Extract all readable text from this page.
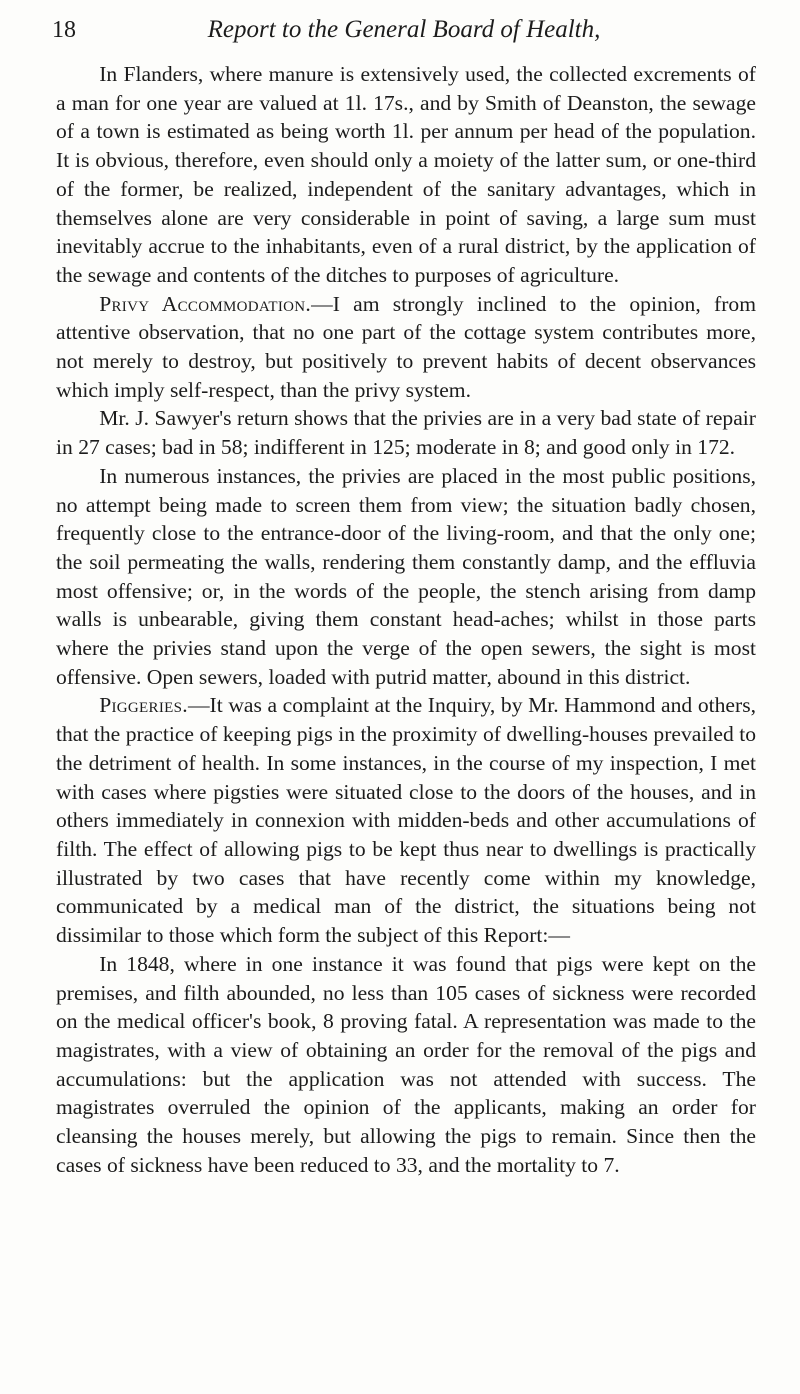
18	Report to the General Board of Health,

In Flanders, where manure is extensively used, the collected excrements of a man for one year are valued at 1l. 17s., and by Smith of Deanston, the sewage of a town is estimated as being worth 1l. per annum per head of the population. It is obvious, therefore, even should only a moiety of the latter sum, or one-third of the former, be realized, independent of the sanitary advantages, which in themselves alone are very considerable in point of saving, a large sum must inevitably accrue to the inhabitants, even of a rural district, by the application of the sewage and contents of the ditches to purposes of agriculture.

Privy Accommodation.—I am strongly inclined to the opinion, from attentive observation, that no one part of the cottage system contributes more, not merely to destroy, but positively to prevent habits of decent observances which imply self-respect, than the privy system.

Mr. J. Sawyer's return shows that the privies are in a very bad state of repair in 27 cases; bad in 58; indifferent in 125; moderate in 8; and good only in 172.

In numerous instances, the privies are placed in the most public positions, no attempt being made to screen them from view; the situation badly chosen, frequently close to the entrance-door of the living-room, and that the only one; the soil permeating the walls, rendering them constantly damp, and the effluvia most offensive; or, in the words of the people, the stench arising from damp walls is unbearable, giving them constant head-aches; whilst in those parts where the privies stand upon the verge of the open sewers, the sight is most offensive. Open sewers, loaded with putrid matter, abound in this district.

Piggeries.—It was a complaint at the Inquiry, by Mr. Hammond and others, that the practice of keeping pigs in the proximity of dwelling-houses prevailed to the detriment of health. In some instances, in the course of my inspection, I met with cases where pigsties were situated close to the doors of the houses, and in others immediately in connexion with midden-beds and other accumulations of filth. The effect of allowing pigs to be kept thus near to dwellings is practically illustrated by two cases that have recently come within my knowledge, communicated by a medical man of the district, the situations being not dissimilar to those which form the subject of this Report:—

In 1848, where in one instance it was found that pigs were kept on the premises, and filth abounded, no less than 105 cases of sickness were recorded on the medical officer's book, 8 proving fatal. A representation was made to the magistrates, with a view of obtaining an order for the removal of the pigs and accumulations: but the application was not attended with success. The magistrates overruled the opinion of the applicants, making an order for cleansing the houses merely, but allowing the pigs to remain. Since then the cases of sickness have been reduced to 33, and the mortality to 7.
